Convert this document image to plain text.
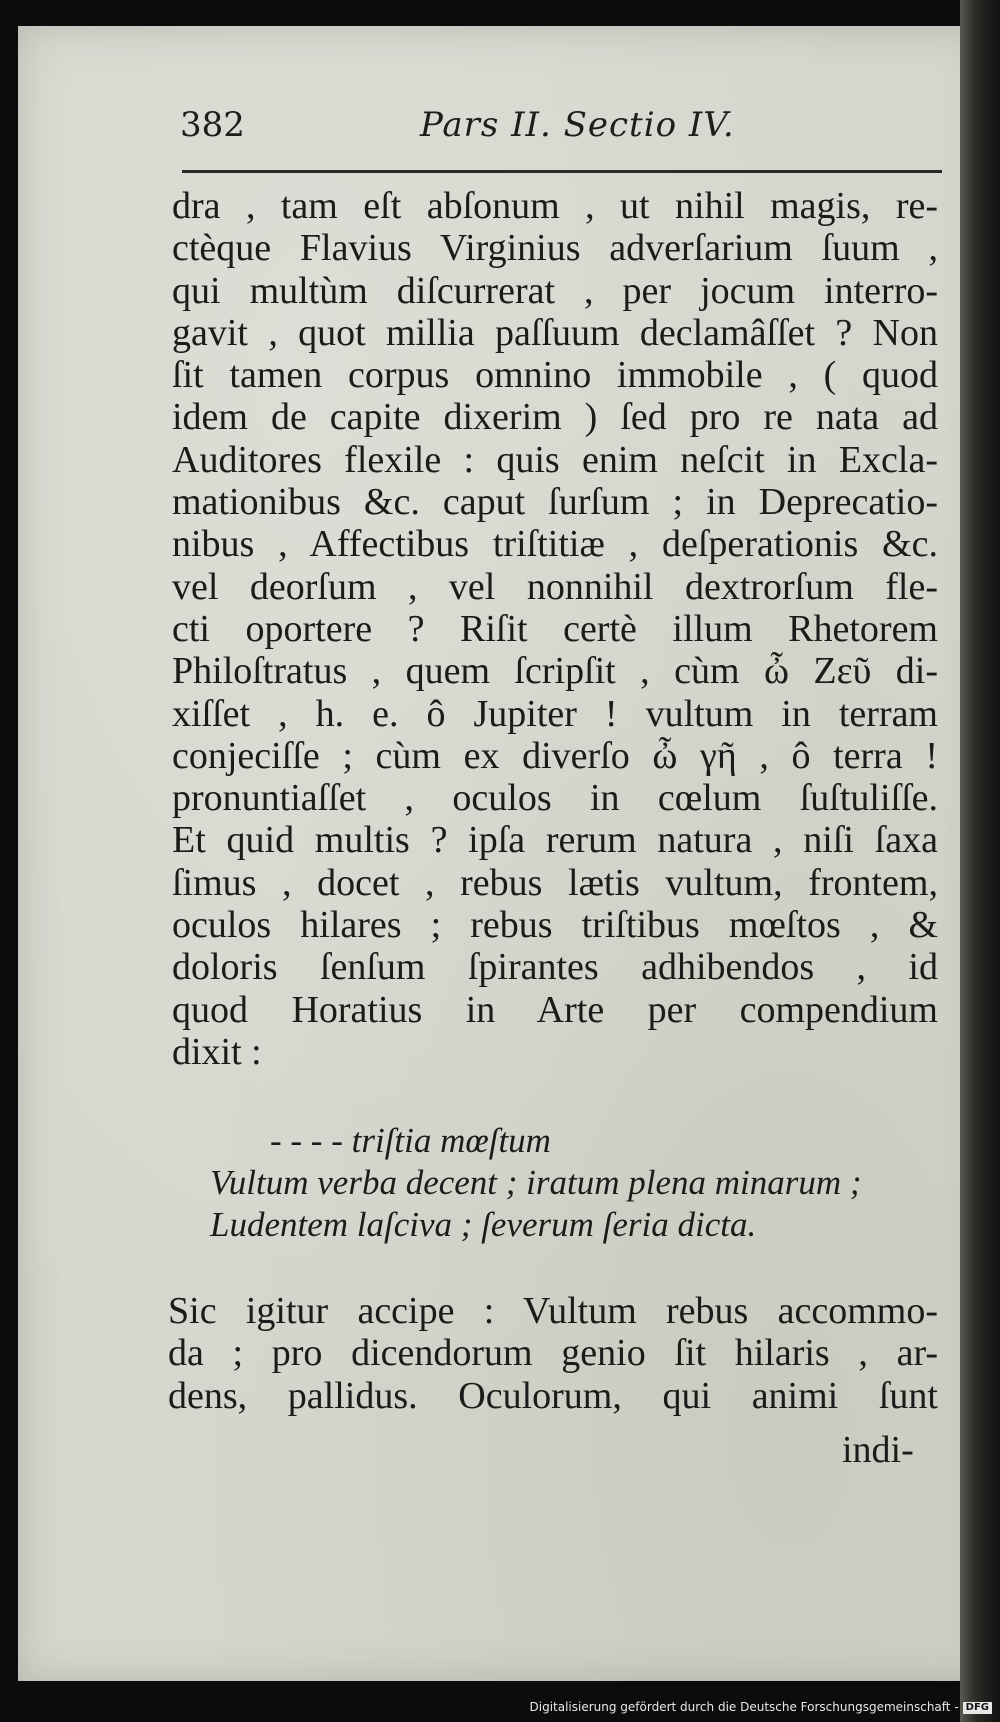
382	Pars II. Sectio IV.
dra , tam eſt abſonum , ut nihil magis, re-
ctèque Flavius Virginius adverſarium ſuum ,
qui multùm diſcurrerat , per jocum interro-
gavit , quot millia paſſuum declamâſſet ? Non
ſit tamen corpus omnino immobile , ( quod
idem de capite dixerim ) ſed pro re nata ad
Auditores flexile : quis enim neſcit in Excla-
mationibus &c. caput ſurſum ; in Deprecatio-
nibus , Affectibus triſtitiæ , deſperationis &c.
vel deorſum , vel nonnihil dextrorſum fle-
cti oportere ? Riſit certè illum Rhetorem
Philoſtratus , quem ſcripſit , cùm ὦ Ζεῦ di-
xiſſet , h. e. ô Jupiter ! vultum in terram
conjeciſſe ; cùm ex diverſo ὦ γῆ , ô terra !
pronuntiaſſet , oculos in cœlum ſuſtuliſſe.
Et quid multis ? ipſa rerum natura , niſi ſaxa
ſimus , docet , rebus lætis vultum, frontem,
oculos hilares ; rebus triſtibus mœſtos , &
doloris ſenſum ſpirantes adhibendos , id
quod Horatius in Arte per compendium
dixit :
- - - - triſtia mœſtum
Vultum verba decent ; iratum plena minarum ;
Ludentem laſciva ; ſeverum ſeria dicta.
Sic igitur accipe : Vultum rebus accommo-
da ; pro dicendorum genio ſit hilaris , ar-
dens, pallidus. Oculorum, qui animi ſunt
indi-
Digitalisierung gefördert durch die Deutsche Forschungsgemeinschaft - DFG
